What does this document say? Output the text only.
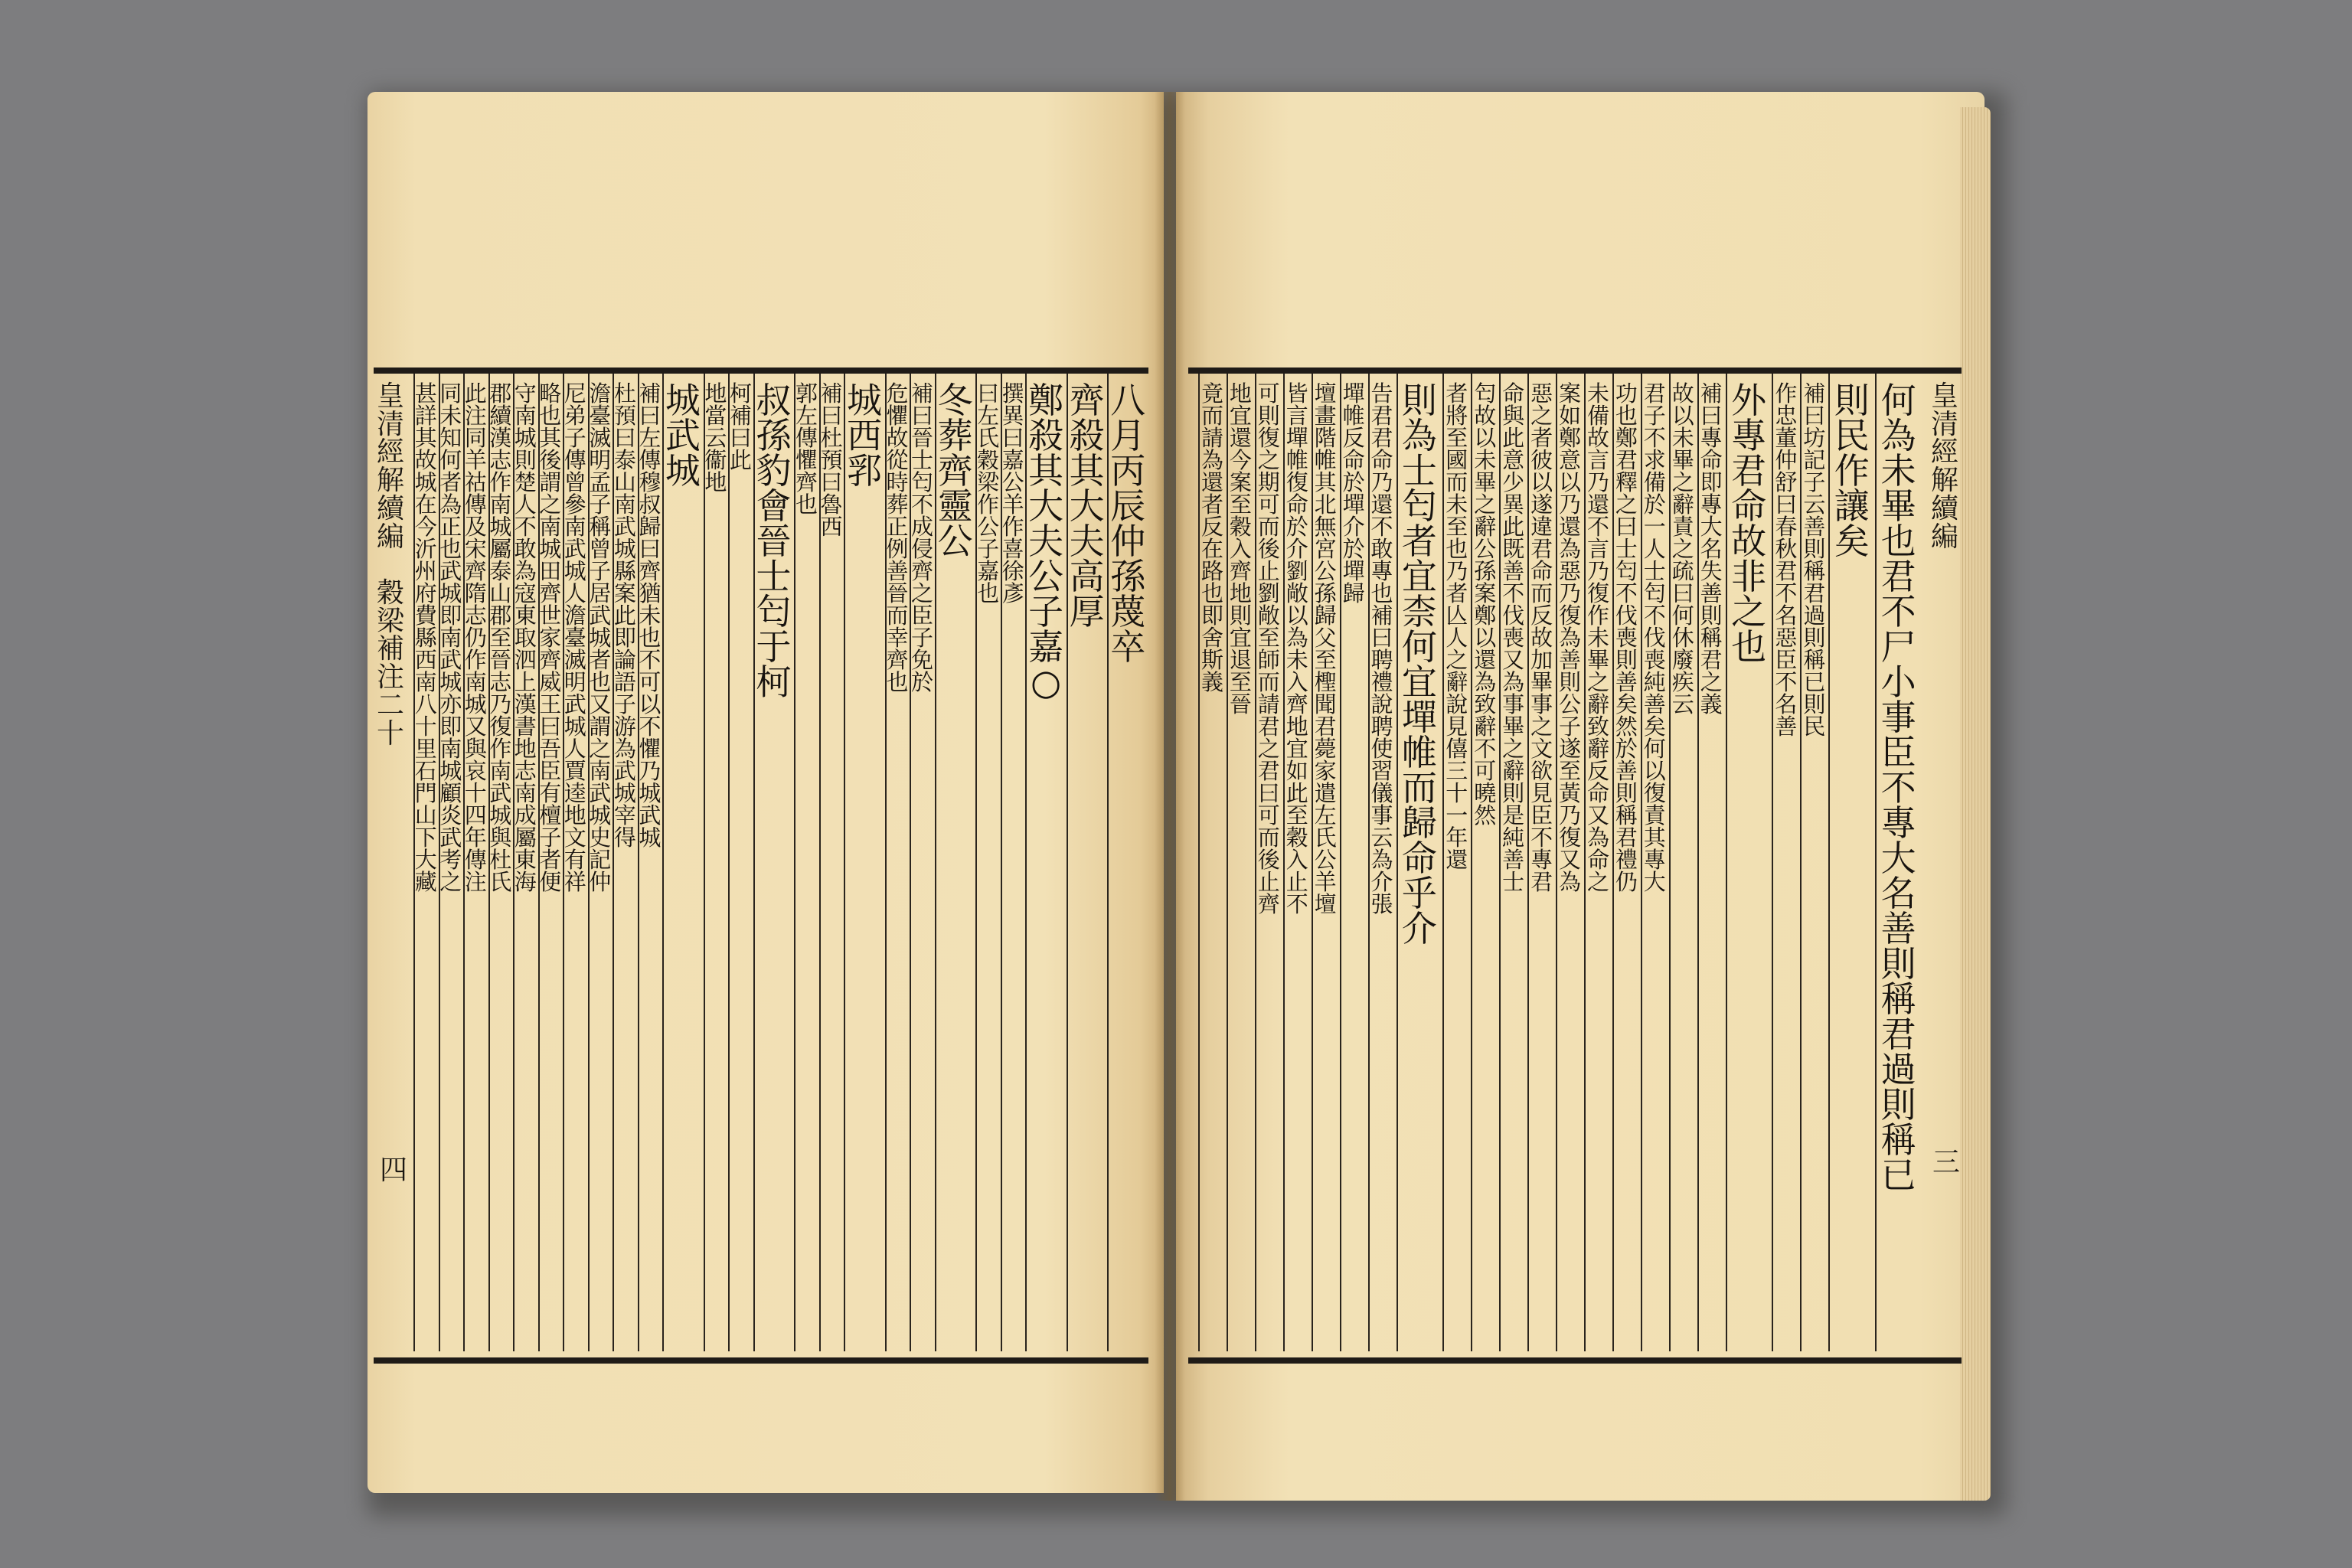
皇
清
經
解
續
編

穀
梁
補
注
二
十
皇
清
經
解
續
編
四	三
八
月
丙
辰
仲
孫
蔑
卒
齊
殺
其
大
夫
高
厚
鄭
殺
其
大
夫
公
子
嘉
○
撰
異
曰
嘉
公
羊
作
喜
徐
彥
曰
左
氏
穀
梁
作
公
子
嘉
也
冬
葬
齊
靈
公
補
曰
晉
士
匄
不
成
侵
齊
之
臣
子
免
於
危
懼
故
從
時
葬
正
例
善
晉
而
幸
齊
也
城
西
郛
補
曰
杜
預
曰
魯
西
郭
左
傳
懼
齊
也
叔
孫
豹
會
晉
士
匄
于
柯
柯
補
曰
此
地
當
云
衞
地
城
武
城
補
曰
左
傳
穆
叔
歸
曰
齊
猶
未
也
不
可
以
不
懼
乃
城
武
城
杜
預
曰
泰
山
南
武
城
縣
案
此
即
論
語
子
游
為
武
城
宰
得
澹
臺
滅
明
孟
子
稱
曾
子
居
武
城
者
也
又
謂
之
南
武
城
史
記
仲
尼
弟
子
傳
曾
參
南
武
城
人
澹
臺
滅
明
武
城
人
賈
逵
地
文
有
祥
略
也
其
後
謂
之
南
城
田
齊
世
家
齊
威
王
曰
吾
臣
有
檀
子
者
便
守
南
城
則
楚
人
不
敢
為
寇
東
取
泗
上
漢
書
地
志
南
成
屬
東
海
郡
續
漢
志
作
南
城
屬
泰
山
郡
至
晉
志
乃
復
作
南
武
城
與
杜
氏
此
注
同
羊
祜
傳
及
宋
齊
隋
志
仍
作
南
城
又
與
哀
十
四
年
傳
注
同
未
知
何
者
為
正
也
武
城
即
南
武
城
亦
即
南
城
顧
炎
武
考
之
甚
詳
其
故
城
在
今
沂
州
府
費
縣
西
南
八
十
里
石
門
山
下
大
藏
何
為
未
畢
也
君
不
尸
小
事
臣
不
專
大
名
善
則
稱
君
過
則
稱
已
則
民
作
讓
矣
補
曰
坊
記
子
云
善
則
稱
君
過
則
稱
已
則
民
作
忠
董
仲
舒
曰
春
秋
君
不
名
惡
臣
不
名
善
外
專
君
命
故
非
之
也
補
曰
專
命
即
專
大
名
失
善
則
稱
君
之
義
故
以
未
畢
之
辭
責
之
疏
曰
何
休
廢
疾
云
君
子
不
求
備
於
一
人
士
匄
不
伐
喪
純
善
矣
何
以
復
責
其
專
大
功
也
鄭
君
釋
之
曰
士
匄
不
伐
喪
則
善
矣
然
於
善
則
稱
君
禮
仍
未
備
故
言
乃
還
不
言
乃
復
作
未
畢
之
辭
致
辭
反
命
又
為
命
之
案
如
鄭
意
以
乃
還
為
惡
乃
復
為
善
則
公
子
遂
至
黃
乃
復
又
為
惡
之
者
彼
以
遂
違
君
命
而
反
故
加
畢
事
之
文
欲
見
臣
不
專
君
命
與
此
意
少
異
此
既
善
不
伐
喪
又
為
事
畢
之
辭
則
是
純
善
士
匄
故
以
未
畢
之
辭
公
孫
案
鄭
以
還
為
致
辭
不
可
曉
然
者
將
至
國
而
未
至
也
乃
者
亾
人
之
辭
說
見
僖
三
十
一
年
還
則
為
士
匄
者
宜
柰
何
宜
墠
帷
而
歸
命
乎
介
告
君
君
命
乃
還
不
敢
專
也
補
曰
聘
禮
說
聘
使
習
儀
事
云
為
介
張
墠
帷
反
命
於
墠
介
於
墠
歸
壇
畫
階
帷
其
北
無
宮
公
孫
歸
父
至
檉
聞
君
薨
家
遣
左
氏
公
羊
壇
皆
言
墠
帷
復
命
於
介
劉
敞
以
為
未
入
齊
地
宜
如
此
至
穀
入
止
不
可
則
復
之
期
可
而
後
止
劉
敞
至
師
而
請
君
之
君
曰
可
而
後
止
齊
地
宜
還
今
案
至
穀
入
齊
地
則
宜
退
至
晉
竟
而
請
為
還
者
反
在
路
也
即
舍
斯
義
